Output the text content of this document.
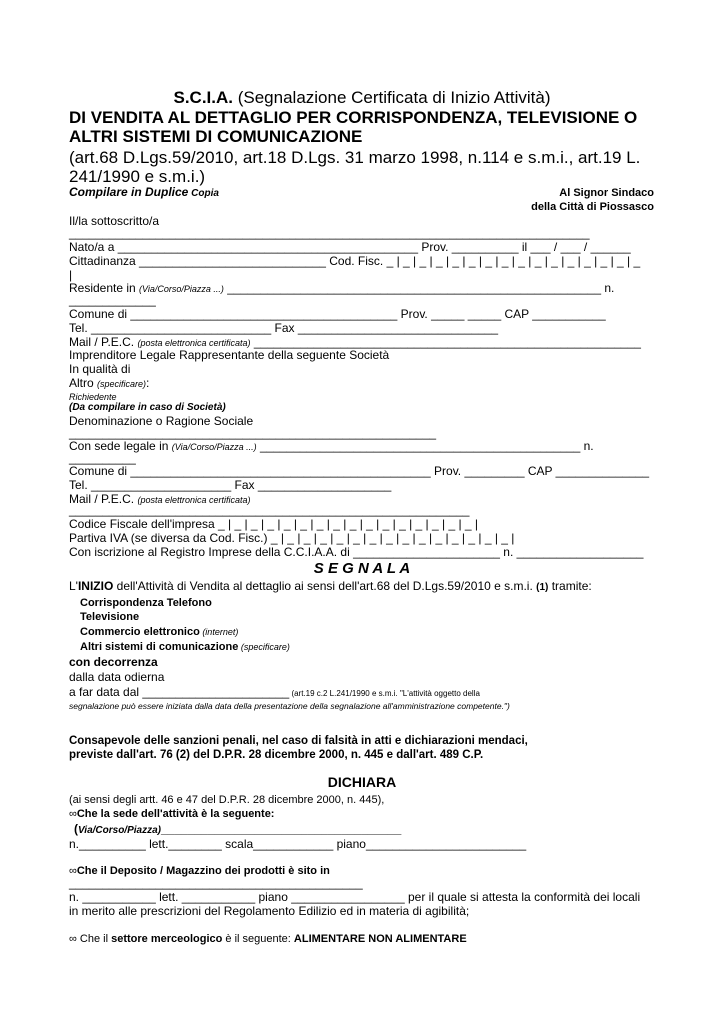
S.C.I.A. (Segnalazione Certificata di Inizio Attività)
DI VENDITA AL DETTAGLIO PER CORRISPONDENZA, TELEVISIONE O
ALTRI SISTEMI DI COMUNICAZIONE
(art.68 D.Lgs.59/2010, art.18 D.Lgs. 31 marzo 1998, n.114 e s.m.i., art.19 L.
241/1990 e s.m.i.)
Compilare in Duplice Copia	Al Signor Sindaco
della Città di Piossasco
Il/la sottoscritto/a
______________________________________________________________________________
Nato/a a _____________________________________________ Prov. __________ il ___ / ___ / ______
Cittadinanza ____________________________ Cod. Fisc. _ | _ | _ | _ | _ | _ | _ | _ | _ | _ | _ | _ | _ | _ | _ | _
|
Residente in (Via/Corso/Piazza ...) ________________________________________________________ n.
_____________
Comune di ________________________________________ Prov. _____ _____ CAP ___________
Tel. ___________________________ Fax ______________________________
Mail / P.E.C. (posta elettronica certificata) __________________________________________________________
Imprenditore Legale Rappresentante della seguente Società
In qualità di
Altro (specificare):
Richiedente
(Da compilare in caso di Società)
Denominazione o Ragione Sociale
_______________________________________________________
Con sede legale in (Via/Corso/Piazza ...) ________________________________________________ n.
__________
Comune di _____________________________________________ Prov. _________ CAP ______________
Tel. _____________________ Fax ____________________
Mail / P.E.C. (posta elettronica certificata)
____________________________________________________________
Codice Fiscale dell'impresa _ | _ | _ | _ | _ | _ | _ | _ | _ | _ | _ | _ | _ | _ | _ | _ |
Partiva IVA (se diversa da Cod. Fisc.) _ | _ | _ | _ | _ | _ | _ | _ | _ | _ | _ | _ | _ | _ | _ |
Con iscrizione al Registro Imprese della C.C.I.A.A. di ______________________ n. ___________________
S E G N A L A
L'INIZIO dell'Attività di Vendita al dettaglio ai sensi dell'art.68 del D.Lgs.59/2010 e s.m.i. (1) tramite:
Corrispondenza Telefono
Televisione
Commercio elettronico (internet)
Altri sistemi di comunicazione (specificare)
con decorrenza
dalla data odierna
a far data dal ______________________ (art.19 c.2 L.241/1990 e s.m.i. "L'attività oggetto della
segnalazione può essere iniziata dalla data della presentazione della segnalazione all'amministrazione competente.")
Consapevole delle sanzioni penali, nel caso di falsità in atti e dichiarazioni mendaci,
previste dall'art. 76 (2) del D.P.R. 28 dicembre 2000, n. 445 e dall'art. 489 C.P.
DICHIARA
(ai sensi degli artt. 46 e 47 del D.P.R. 28 dicembre 2000, n. 445),
∞Che la sede dell'attività è la seguente:
(Via/Corso/Piazza)____________________________________
n.__________ lett.________ scala____________ piano________________________
∞Che il Deposito / Magazzino dei prodotti è sito in
____________________________________________
n. ___________ lett. ___________ piano _________________ per il quale si attesta la conformità dei locali
in merito alle prescrizioni del Regolamento Edilizio ed in materia di agibilità;
∞ Che il settore merceologico è il seguente: ALIMENTARE NON ALIMENTARE
